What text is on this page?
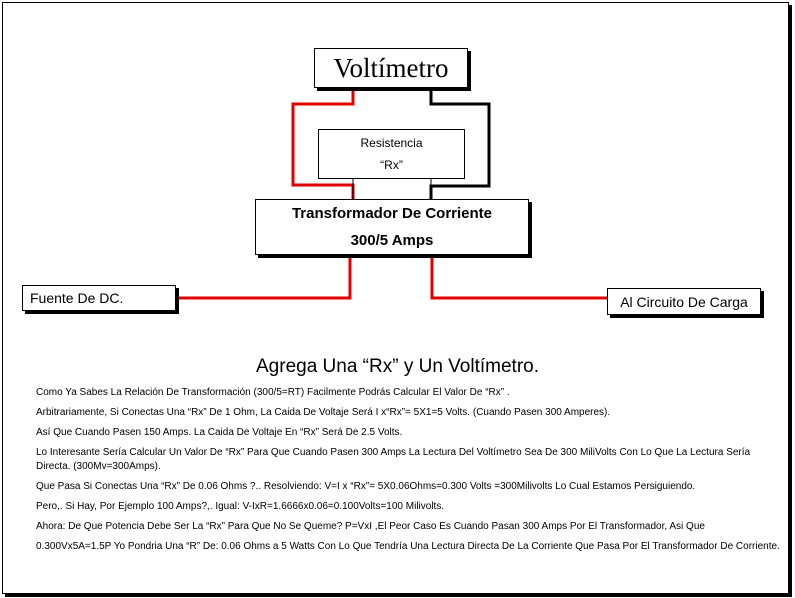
Voltímetro
Resistencia
“Rx”
Transformador De Corriente
300/5 Amps
Fuente De DC.	Al Circuito De Carga
Agrega Una “Rx” y Un Voltímetro.

Como Ya Sabes La Relación De Transformación (300/5=RT) Facilmente Podrás Calcular El Valor De “Rx” .

Arbitrariamente, Si Conectas Una “Rx” De 1 Ohm, La Caida De Voltaje Será I x“Rx”= 5X1=5 Volts. (Cuando Pasen 300 Amperes).

Así Que Cuando Pasen 150 Amps. La Caida De Voltaje En “Rx” Será De 2.5 Volts.

Lo Interesante Sería Calcular Un Valor De “Rx” Para Que Cuando Pasen 300 Amps La Lectura Del Voltímetro Sea De 300 MiliVolts Con Lo Que La Lectura Sería Directa. (300Mv=300Amps).

Que Pasa Si Conectas Una “Rx” De 0.06 Ohms ?.. Resolviendo: V=I x “Rx”= 5X0.06Ohms=0.300 Volts =300Milivolts Lo Cual Estamos Persiguiendo.

Pero,. Si Hay, Por Ejemplo 100 Amps?,. Igual: V-IxR=1.6666x0.06=0.100Volts=100 Milivolts.

Ahora: De Que Potencia Debe Ser La “Rx” Para Que No Se Queme? P=VxI ,El Peor Caso Es Cuando Pasan 300 Amps Por El Transformador, Asi Que

0.300Vx5A=1.5P Yo Pondria Una “R” De: 0.06 Ohms a 5 Watts Con Lo Que Tendría Una Lectura Directa De La Corriente Que Pasa Por El Transformador De Corriente.
